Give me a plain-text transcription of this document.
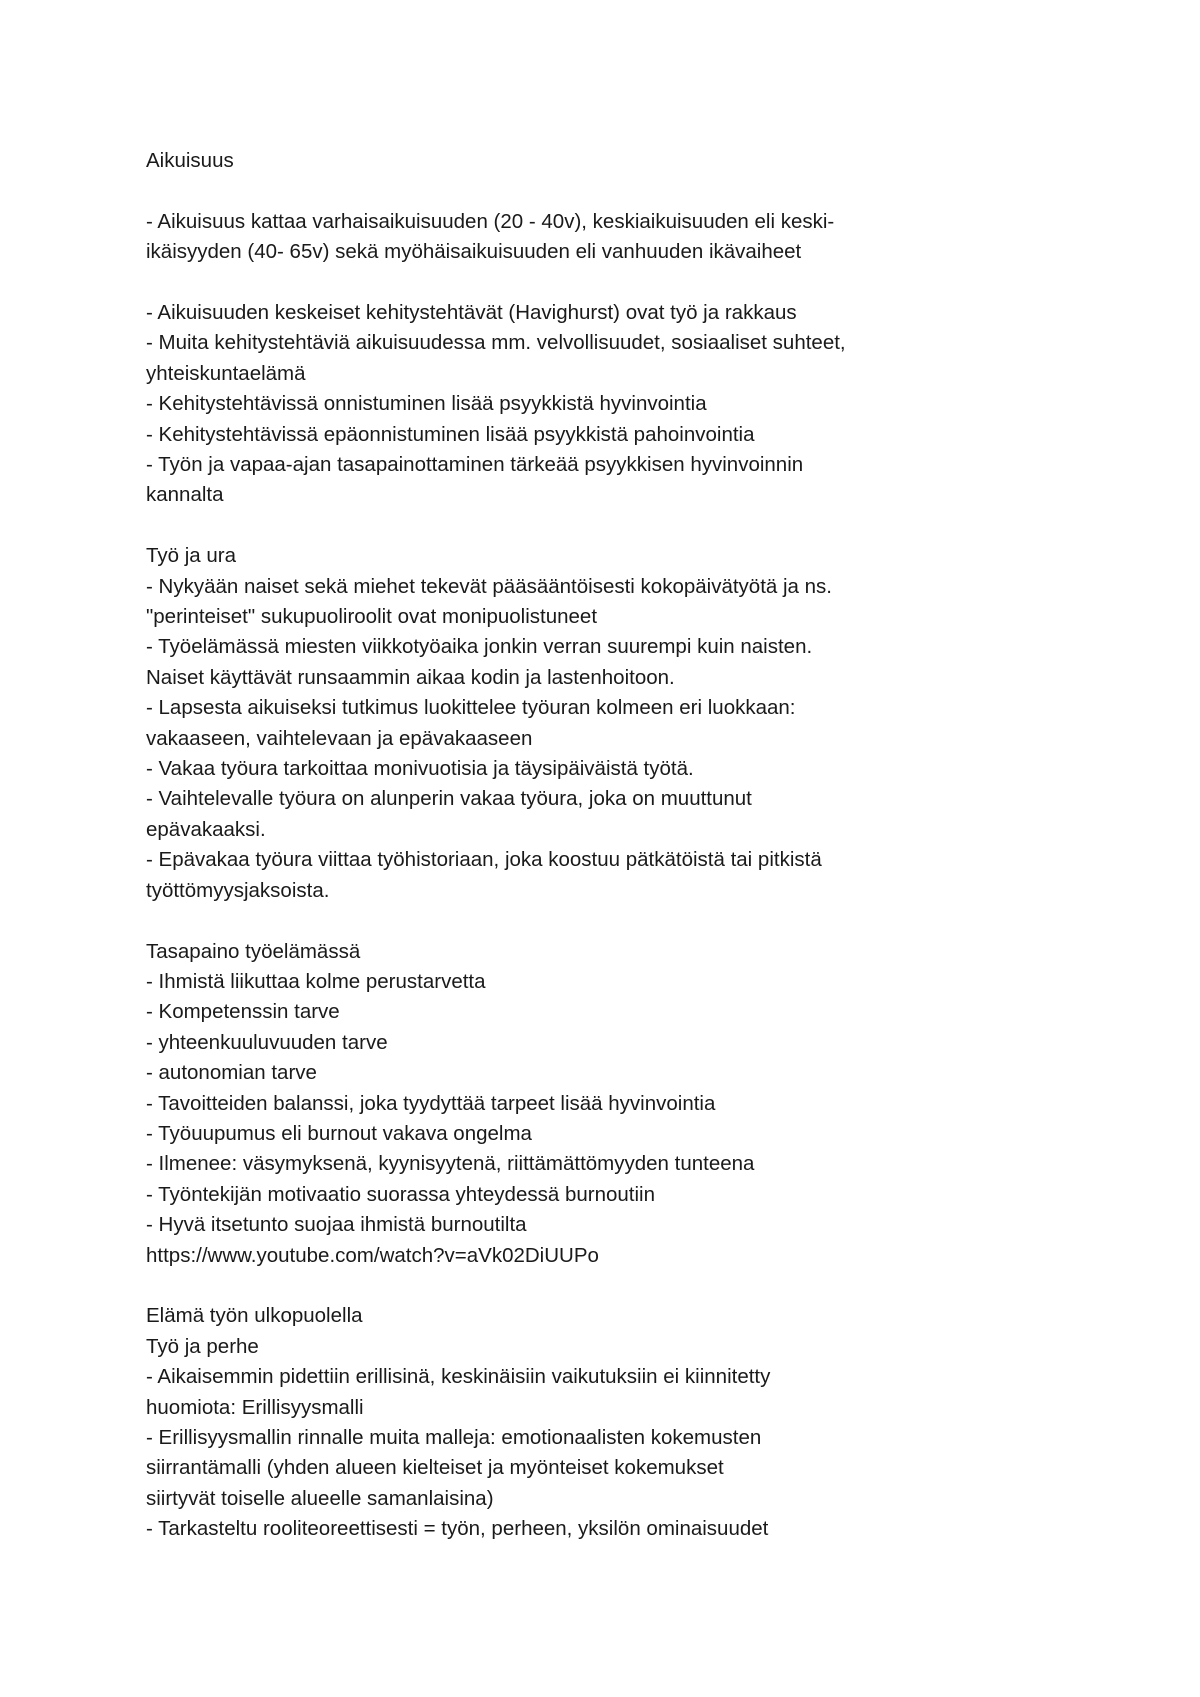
Aikuisuus
- Aikuisuus kattaa varhaisaikuisuuden (20 - 40v), keskiaikuisuuden eli keski-
ikäisyyden (40- 65v) sekä myöhäisaikuisuuden eli vanhuuden ikävaiheet
- Aikuisuuden keskeiset kehitystehtävät (Havighurst) ovat työ ja rakkaus
- Muita kehitystehtäviä aikuisuudessa mm. velvollisuudet, sosiaaliset suhteet,
yhteiskuntaelämä
- Kehitystehtävissä onnistuminen lisää psyykkistä hyvinvointia
- Kehitystehtävissä epäonnistuminen lisää psyykkistä pahoinvointia
- Työn ja vapaa-ajan tasapainottaminen tärkeää psyykkisen hyvinvoinnin
kannalta
Työ ja ura
- Nykyään naiset sekä miehet tekevät pääsääntöisesti kokopäivätyötä ja ns.
"perinteiset" sukupuoliroolit ovat monipuolistuneet
- Työelämässä miesten viikkotyöaika jonkin verran suurempi kuin naisten.
Naiset käyttävät runsaammin aikaa kodin ja lastenhoitoon.
- Lapsesta aikuiseksi tutkimus luokittelee työuran kolmeen eri luokkaan:
vakaaseen, vaihtelevaan ja epävakaaseen
- Vakaa työura tarkoittaa monivuotisia ja täysipäiväistä työtä.
- Vaihtelevalle työura on alunperin vakaa työura, joka on muuttunut
epävakaaksi.
- Epävakaa työura viittaa työhistoriaan, joka koostuu pätkätöistä tai pitkistä
työttömyysjaksoista.
Tasapaino työelämässä
- Ihmistä liikuttaa kolme perustarvetta
- Kompetenssin tarve
- yhteenkuuluvuuden tarve
- autonomian tarve
- Tavoitteiden balanssi, joka tyydyttää tarpeet lisää hyvinvointia
- Työuupumus eli burnout vakava ongelma
- Ilmenee: väsymyksenä, kyynisyytenä, riittämättömyyden tunteena
- Työntekijän motivaatio suorassa yhteydessä burnoutiin
- Hyvä itsetunto suojaa ihmistä burnoutilta
https://www.youtube.com/watch?v=aVk02DiUUPo
Elämä työn ulkopuolella
Työ ja perhe
- Aikaisemmin pidettiin erillisinä, keskinäisiin vaikutuksiin ei kiinnitetty
huomiota: Erillisyysmalli
- Erillisyysmallin rinnalle muita malleja: emotionaalisten kokemusten
siirrantämalli (yhden alueen kielteiset ja myönteiset kokemukset
siirtyvät toiselle alueelle samanlaisina)
- Tarkasteltu rooliteoreettisesti = työn, perheen, yksilön ominaisuudet
